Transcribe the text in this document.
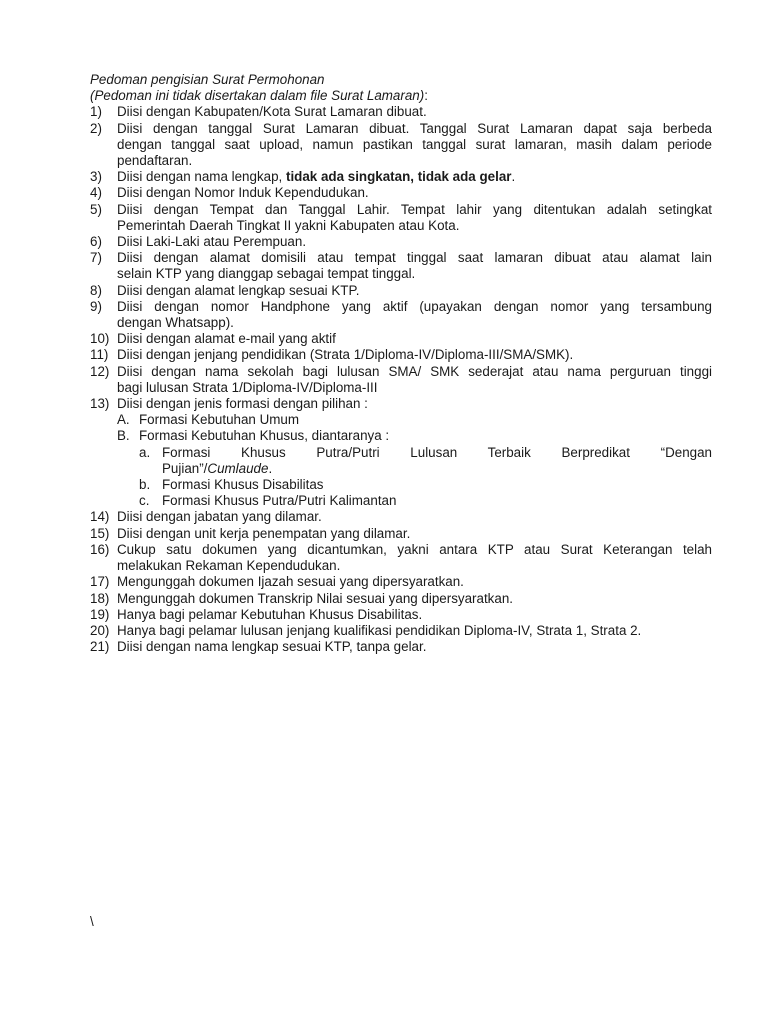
Pedoman pengisian Surat Permohonan

(Pedoman ini tidak disertakan dalam file Surat Lamaran):

1)	Diisi dengan Kabupaten/Kota Surat Lamaran dibuat.
2)	Diisi dengan tanggal Surat Lamaran dibuat. Tanggal Surat Lamaran dapat saja berbeda
dengan tanggal saat upload, namun pastikan tanggal surat lamaran, masih dalam periode
pendaftaran.
3)	Diisi dengan nama lengkap, tidak ada singkatan, tidak ada gelar.
4)	Diisi dengan Nomor Induk Kependudukan.
5)	Diisi dengan Tempat dan Tanggal Lahir. Tempat lahir yang ditentukan adalah setingkat
Pemerintah Daerah Tingkat II yakni Kabupaten atau Kota.
6)	Diisi Laki-Laki atau Perempuan.
7)	Diisi dengan alamat domisili atau tempat tinggal saat lamaran dibuat atau alamat lain
selain KTP yang dianggap sebagai tempat tinggal.
8)	Diisi dengan alamat lengkap sesuai KTP.
9)	Diisi dengan nomor Handphone yang aktif (upayakan dengan nomor yang tersambung
dengan Whatsapp).
10) Diisi dengan alamat e-mail yang aktif
11) Diisi dengan jenjang pendidikan (Strata 1/Diploma-IV/Diploma-III/SMA/SMK).
12) Diisi dengan nama sekolah bagi lulusan SMA/ SMK sederajat atau nama perguruan tinggi
bagi lulusan Strata 1/Diploma-IV/Diploma-III
13) Diisi dengan jenis formasi dengan pilihan :
A. Formasi Kebutuhan Umum
B. Formasi Kebutuhan Khusus, diantaranya :
a. Formasi Khusus Putra/Putri Lulusan Terbaik Berpredikat “Dengan
Pujian”/Cumlaude.
b. Formasi Khusus Disabilitas
c. Formasi Khusus Putra/Putri Kalimantan
14) Diisi dengan jabatan yang dilamar.
15) Diisi dengan unit kerja penempatan yang dilamar.
16) Cukup satu dokumen yang dicantumkan, yakni antara KTP atau Surat Keterangan telah
melakukan Rekaman Kependudukan.
17) Mengunggah dokumen Ijazah sesuai yang dipersyaratkan.
18) Mengunggah dokumen Transkrip Nilai sesuai yang dipersyaratkan.
19) Hanya bagi pelamar Kebutuhan Khusus Disabilitas.
20) Hanya bagi pelamar lulusan jenjang kualifikasi pendidikan Diploma-IV, Strata 1, Strata 2.
21) Diisi dengan nama lengkap sesuai KTP, tanpa gelar.
\
